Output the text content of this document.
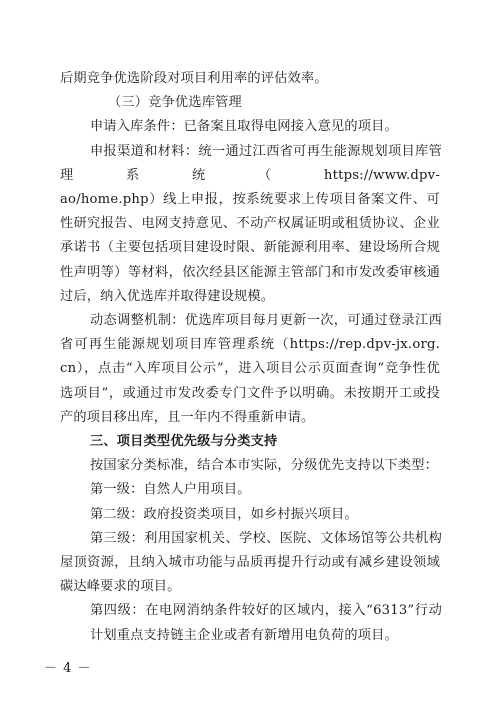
后期竞争优选阶段对项目利用率的评估效率。
（三）竞争优选库管理
申请入库条件：已备案且取得电网接入意见的项目。
申报渠道和材料：统一通过江西省可再生能源规划项目库管
理系统（https://www.dpv-
ao/home.php）线上申报，按系统要求上传项目备案文件、可
性研究报告、电网支持意见、不动产权属证明或租赁协议、企业
承诺书（主要包括项目建设时限、新能源利用率、建设场所合规
性声明等）等材料，依次经县区能源主管部门和市发改委审核通
过后，纳入优选库并取得建设规模。
动态调整机制：优选库项目每月更新一次，可通过登录江西
省可再生能源规划项目库管理系统（https://rep.dpv-jx.org.
cn），点击“入库项目公示”，进入项目公示页面查询“竞争性优
选项目”，或通过市发改委专门文件予以明确。未按期开工或投
产的项目移出库，且一年内不得重新申请。
三、项目类型优先级与分类支持
按国家分类标准，结合本市实际，分级优先支持以下类型：
第一级：自然人户用项目。
第二级：政府投资类项目，如乡村振兴项目。
第三级：利用国家机关、学校、医院、文体场馆等公共机构
屋顶资源，且纳入城市功能与品质再提升行动或有减乡建设领域
碳达峰要求的项目。
第四级：在电网消纳条件较好的区域内，接入“6313”行动
计划重点支持链主企业或者有新增用电负荷的项目。
－ 4 －
